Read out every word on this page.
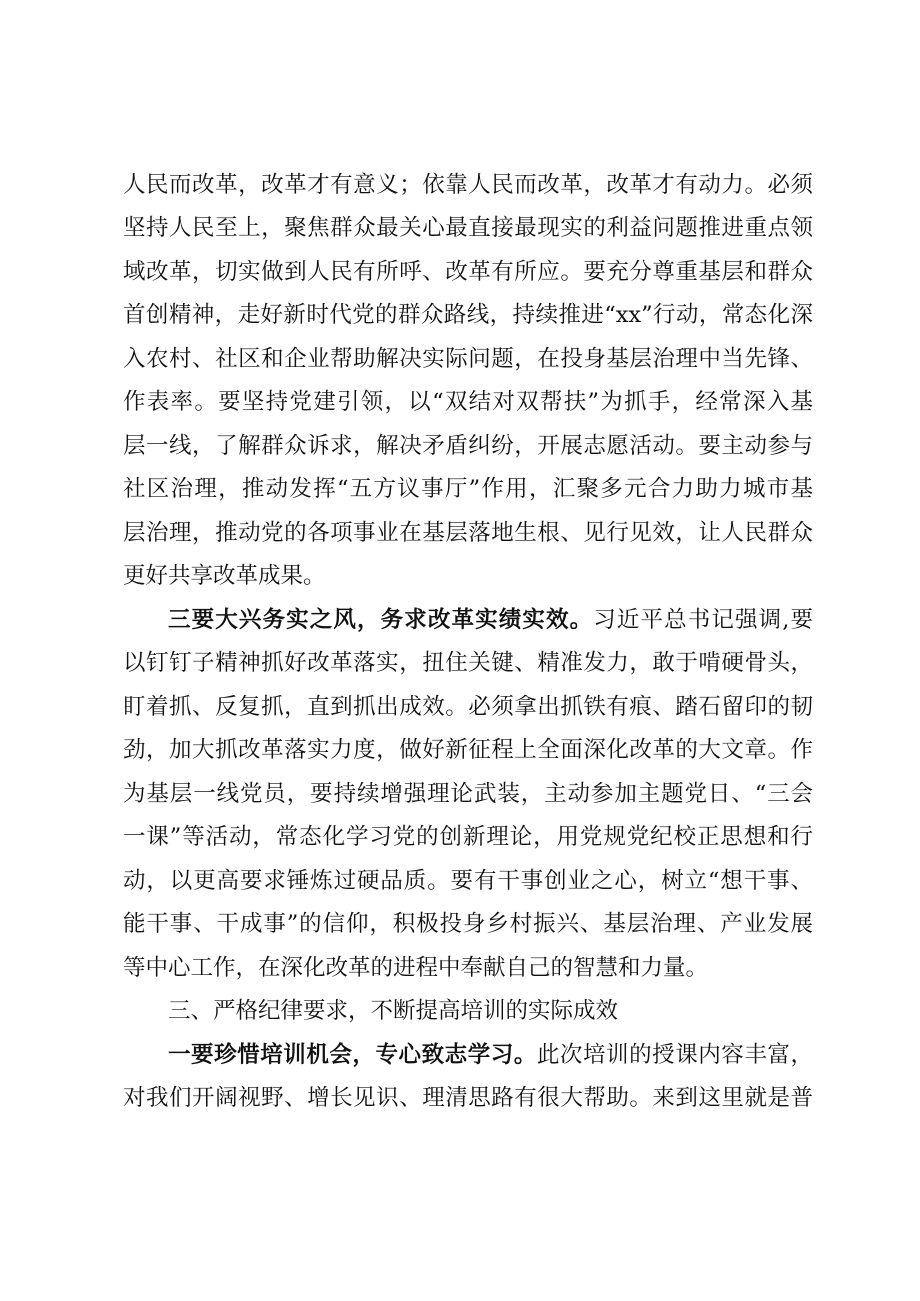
人民而改革，改革才有意义；依靠人民而改革，改革才有动力。必须
坚持人民至上，聚焦群众最关心最直接最现实的利益问题推进重点领
域改革，切实做到人民有所呼、改革有所应。要充分尊重基层和群众
首创精神，走好新时代党的群众路线，持续推进“xx”行动，常态化深
入农村、社区和企业帮助解决实际问题，在投身基层治理中当先锋、
作表率。要坚持党建引领，以“双结对双帮扶”为抓手，经常深入基
层一线，了解群众诉求，解决矛盾纠纷，开展志愿活动。要主动参与
社区治理，推动发挥“五方议事厅”作用，汇聚多元合力助力城市基
层治理，推动党的各项事业在基层落地生根、见行见效，让人民群众
更好共享改革成果。
三要大兴务实之风，务求改革实绩实效。习近平总书记强调,要
以钉钉子精神抓好改革落实，扭住关键、精准发力，敢于啃硬骨头，
盯着抓、反复抓，直到抓出成效。必须拿出抓铁有痕、踏石留印的韧
劲，加大抓改革落实力度，做好新征程上全面深化改革的大文章。作
为基层一线党员，要持续增强理论武装，主动参加主题党日、“三会
一课”等活动，常态化学习党的创新理论，用党规党纪校正思想和行
动，以更高要求锤炼过硬品质。要有干事创业之心，树立“想干事、
能干事、干成事”的信仰，积极投身乡村振兴、基层治理、产业发展
等中心工作，在深化改革的进程中奉献自己的智慧和力量。
三、严格纪律要求，不断提高培训的实际成效
一要珍惜培训机会，专心致志学习。此次培训的授课内容丰富，
对我们开阔视野、增长见识、理清思路有很大帮助。来到这里就是普
